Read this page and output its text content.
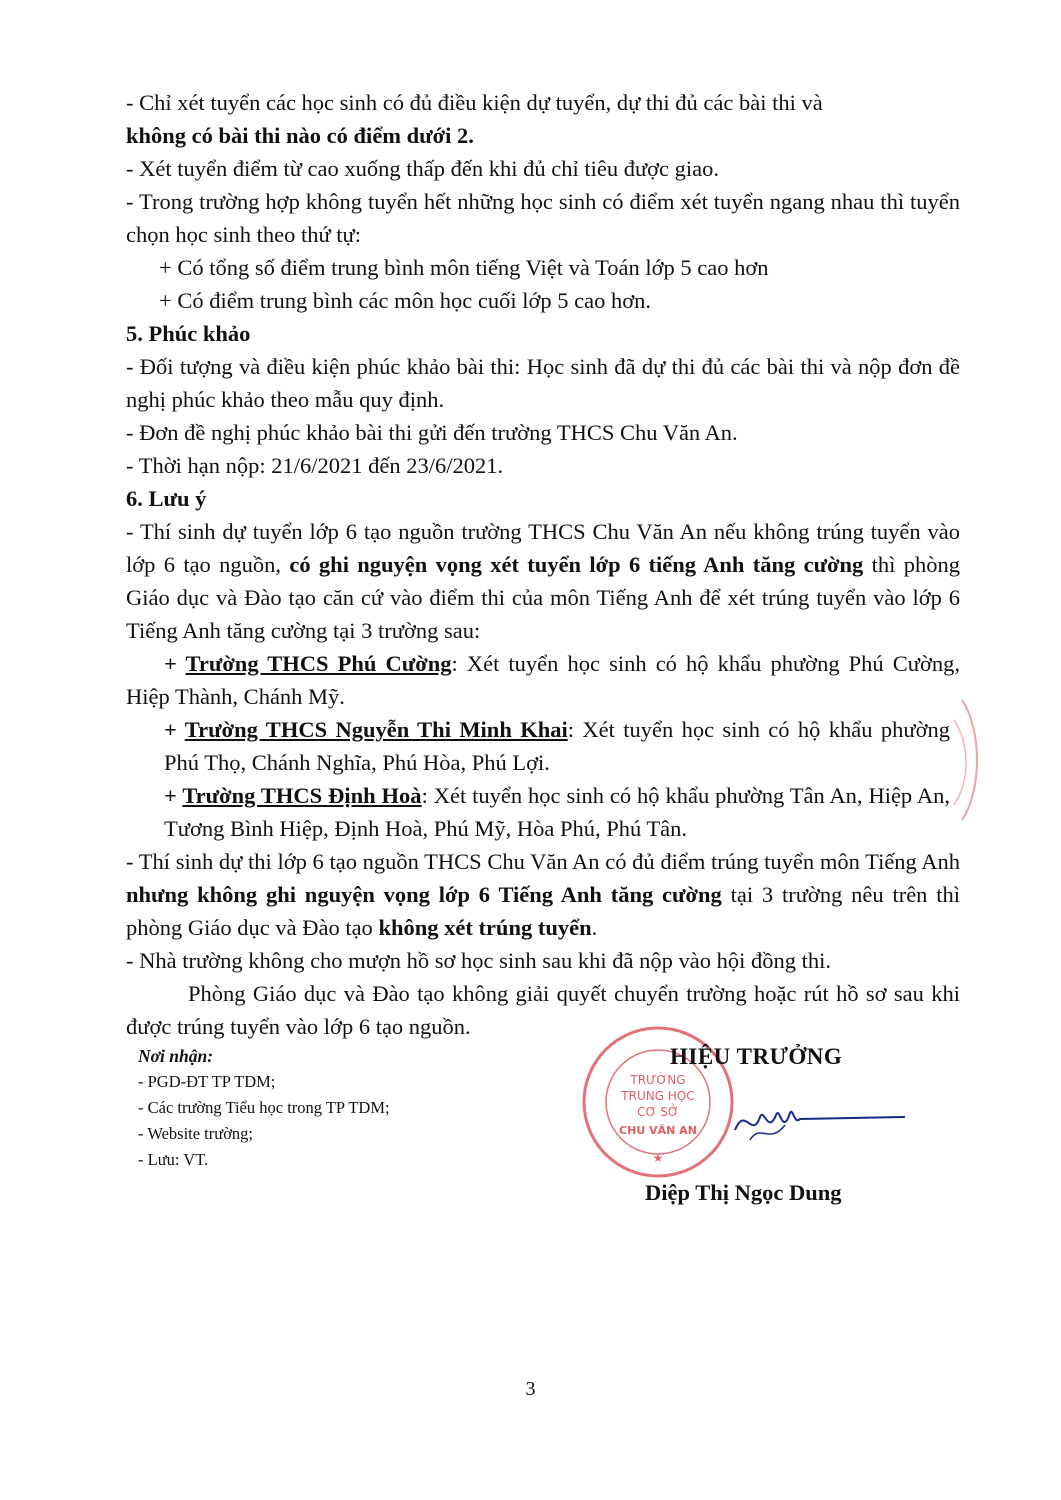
- Chỉ xét tuyển các học sinh có đủ điều kiện dự tuyển, dự thi đủ các bài thi và
không có bài thi nào có điểm dưới 2.

- Xét tuyển điểm từ cao xuống thấp đến khi đủ chỉ tiêu được giao.

- Trong trường hợp không tuyển hết những học sinh có điểm xét tuyển ngang nhau thì tuyển chọn học sinh theo thứ tự:

+ Có tổng số điểm trung bình môn tiếng Việt và Toán lớp 5 cao hơn

+ Có điểm trung bình các môn học cuối lớp 5 cao hơn.

5. Phúc khảo

- Đối tượng và điều kiện phúc khảo bài thi: Học sinh đã dự thi đủ các bài thi và nộp đơn đề nghị phúc khảo theo mẫu quy định.

- Đơn đề nghị phúc khảo bài thi gửi đến trường THCS Chu Văn An.

- Thời hạn nộp: 21/6/2021 đến 23/6/2021.

6. Lưu ý

- Thí sinh dự tuyển lớp 6 tạo nguồn trường THCS Chu Văn An nếu không trúng tuyển vào lớp 6 tạo nguồn, có ghi nguyện vọng xét tuyển lớp 6 tiếng Anh tăng cường thì phòng Giáo dục và Đào tạo căn cứ vào điểm thi của môn Tiếng Anh để xét trúng tuyển vào lớp 6 Tiếng Anh tăng cường tại 3 trường sau:

+ Trường THCS Phú Cường: Xét tuyển học sinh có hộ khẩu phường Phú Cường, Hiệp Thành, Chánh Mỹ.

+ Trường THCS Nguyễn Thi Minh Khai: Xét tuyển học sinh có hộ khẩu phường Phú Thọ, Chánh Nghĩa, Phú Hòa, Phú Lợi.

+ Trường THCS Định Hoà: Xét tuyển học sinh có hộ khẩu phường Tân An, Hiệp An, Tương Bình Hiệp, Định Hoà, Phú Mỹ, Hòa Phú, Phú Tân.

- Thí sinh dự thi lớp 6 tạo nguồn THCS Chu Văn An có đủ điểm trúng tuyển môn Tiếng Anh nhưng không ghi nguyện vọng lớp 6 Tiếng Anh tăng cường tại 3 trường nêu trên thì phòng Giáo dục và Đào tạo không xét trúng tuyển.

- Nhà trường không cho mượn hồ sơ học sinh sau khi đã nộp vào hội đồng thi.

Phòng Giáo dục và Đào tạo không giải quyết chuyển trường hoặc rút hồ sơ sau khi được trúng tuyển vào lớp 6 tạo nguồn.

Nơi nhận:
- PGD-ĐT TP TDM;
- Các trường Tiểu học trong TP TDM;
- Website trường;
- Lưu: VT.
TRƯỜNG
TRUNG HỌC
CƠ SỞ
CHU VĂN AN
★
HIỆU TRƯỞNG
Diệp Thị Ngọc Dung
3
